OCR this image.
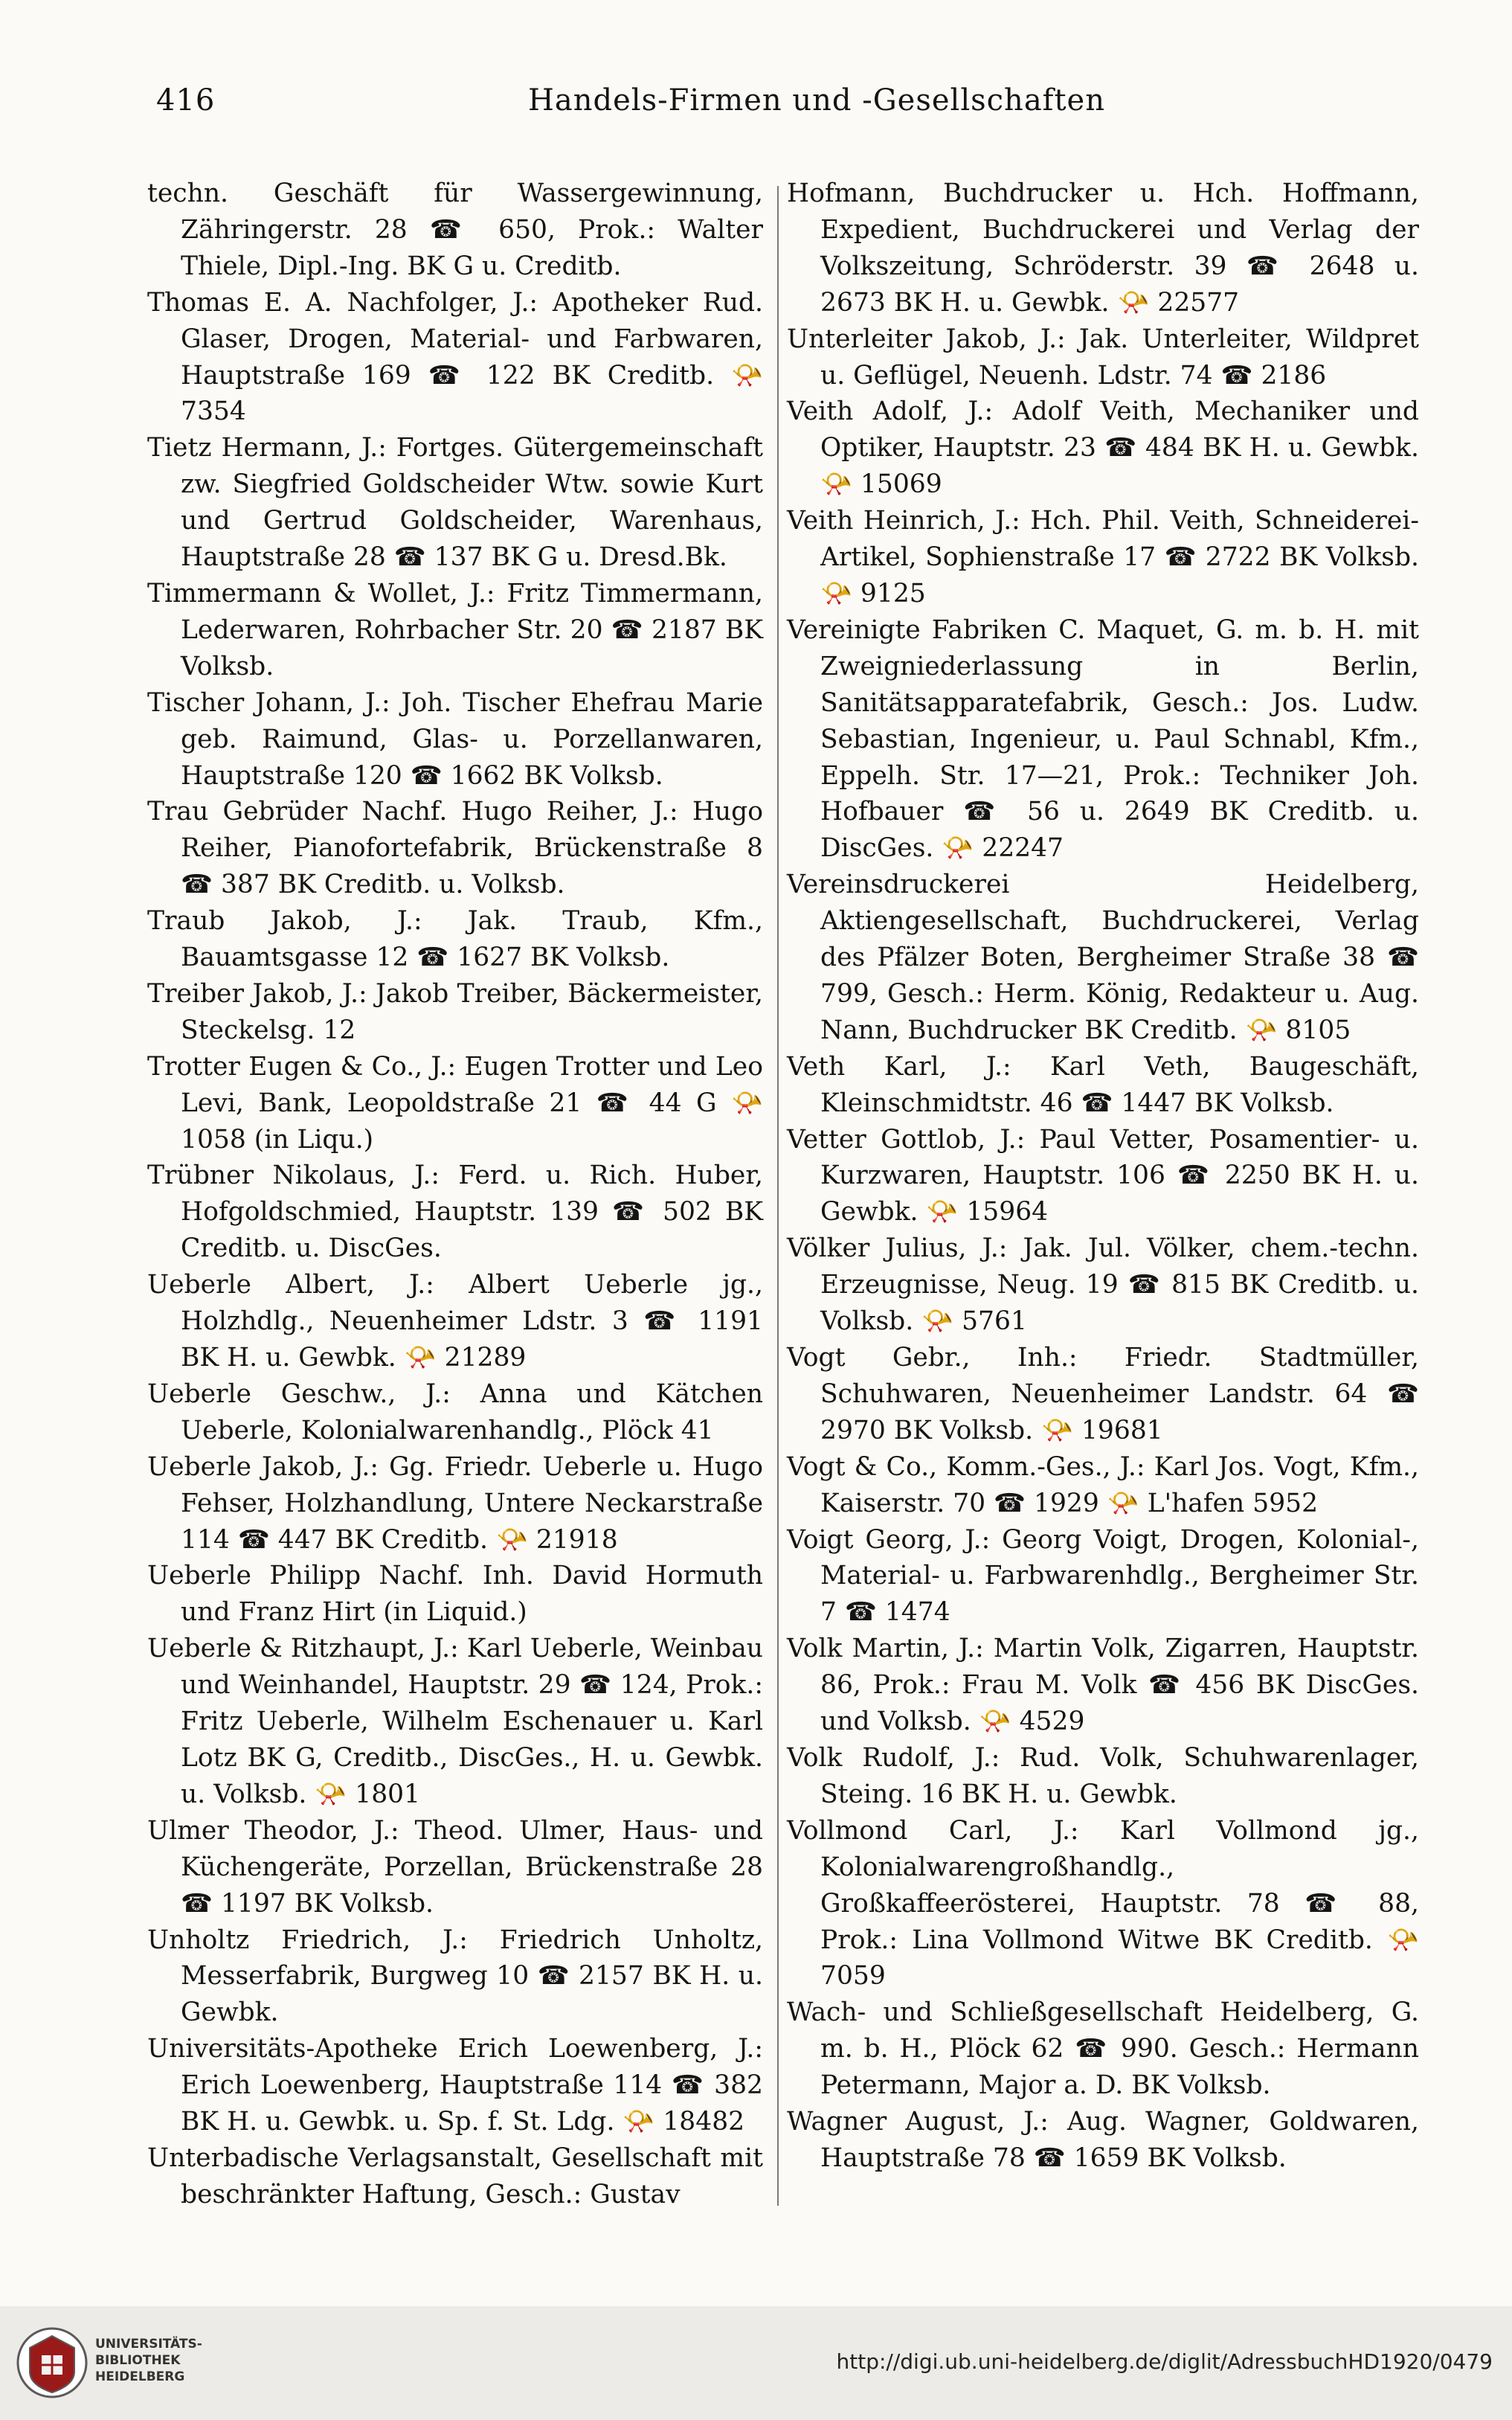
416	Handels-Firmen und -Gesellschaften

techn. Geschäft für Wassergewinnung, Zähringerstr. 28 ☎ 650, Prok.: Walter Thiele, Dipl.-Ing. BK G u. Creditb.

Thomas E. A. Nachfolger, J.: Apotheker Rud. Glaser, Drogen, Material- und Farbwaren, Hauptstraße 169 ☎ 122 BK Creditb. 📯 7354

Tietz Hermann, J.: Fortges. Gütergemeinschaft zw. Siegfried Goldscheider Wtw. sowie Kurt und Gertrud Goldscheider, Warenhaus, Hauptstraße 28 ☎ 137 BK G u. Dresd.Bk.

Timmermann & Wollet, J.: Fritz Timmermann, Lederwaren, Rohrbacher Str. 20 ☎ 2187 BK Volksb.

Tischer Johann, J.: Joh. Tischer Ehefrau Marie geb. Raimund, Glas- u. Porzellanwaren, Hauptstraße 120 ☎ 1662 BK Volksb.

Trau Gebrüder Nachf. Hugo Reiher, J.: Hugo Reiher, Pianofortefabrik, Brückenstraße 8 ☎ 387 BK Creditb. u. Volksb.

Traub Jakob, J.: Jak. Traub, Kfm., Bauamtsgasse 12 ☎ 1627 BK Volksb.

Treiber Jakob, J.: Jakob Treiber, Bäckermeister, Steckelsg. 12

Trotter Eugen & Co., J.: Eugen Trotter und Leo Levi, Bank, Leopoldstraße 21 ☎ 44 G 📯 1058 (in Liqu.)

Trübner Nikolaus, J.: Ferd. u. Rich. Huber, Hofgoldschmied, Hauptstr. 139 ☎ 502 BK Creditb. u. DiscGes.

Ueberle Albert, J.: Albert Ueberle jg., Holzhdlg., Neuenheimer Ldstr. 3 ☎ 1191 BK H. u. Gewbk. 📯 21289

Ueberle Geschw., J.: Anna und Kätchen Ueberle, Kolonialwarenhandlg., Plöck 41

Ueberle Jakob, J.: Gg. Friedr. Ueberle u. Hugo Fehser, Holzhandlung, Untere Neckarstraße 114 ☎ 447 BK Creditb. 📯 21918

Ueberle Philipp Nachf. Inh. David Hormuth und Franz Hirt (in Liquid.)

Ueberle & Ritzhaupt, J.: Karl Ueberle, Weinbau und Weinhandel, Hauptstr. 29 ☎ 124, Prok.: Fritz Ueberle, Wilhelm Eschenauer u. Karl Lotz BK G, Creditb., DiscGes., H. u. Gewbk. u. Volksb. 📯 1801

Ulmer Theodor, J.: Theod. Ulmer, Haus- und Küchengeräte, Porzellan, Brückenstraße 28 ☎ 1197 BK Volksb.

Unholtz Friedrich, J.: Friedrich Unholtz, Messerfabrik, Burgweg 10 ☎ 2157 BK H. u. Gewbk.

Universitäts-Apotheke Erich Loewenberg, J.: Erich Loewenberg, Hauptstraße 114 ☎ 382 BK H. u. Gewbk. u. Sp. f. St. Ldg. 📯 18482

Unterbadische Verlagsanstalt, Gesellschaft mit beschränkter Haftung, Gesch.: Gustav

Hofmann, Buchdrucker u. Hch. Hoffmann, Expedient, Buchdruckerei und Verlag der Volkszeitung, Schröderstr. 39 ☎ 2648 u. 2673 BK H. u. Gewbk. 📯 22577

Unterleiter Jakob, J.: Jak. Unterleiter, Wildpret u. Geflügel, Neuenh. Ldstr. 74 ☎ 2186

Veith Adolf, J.: Adolf Veith, Mechaniker und Optiker, Hauptstr. 23 ☎ 484 BK H. u. Gewbk. 📯 15069

Veith Heinrich, J.: Hch. Phil. Veith, Schneiderei-Artikel, Sophienstraße 17 ☎ 2722 BK Volksb. 📯 9125

Vereinigte Fabriken C. Maquet, G. m. b. H. mit Zweigniederlassung in Berlin, Sanitätsapparatefabrik, Gesch.: Jos. Ludw. Sebastian, Ingenieur, u. Paul Schnabl, Kfm., Eppelh. Str. 17—21, Prok.: Techniker Joh. Hofbauer ☎ 56 u. 2649 BK Creditb. u. DiscGes. 📯 22247

Vereinsdruckerei Heidelberg, Aktiengesellschaft, Buchdruckerei, Verlag des Pfälzer Boten, Bergheimer Straße 38 ☎ 799, Gesch.: Herm. König, Redakteur u. Aug. Nann, Buchdrucker BK Creditb. 📯 8105

Veth Karl, J.: Karl Veth, Baugeschäft, Kleinschmidtstr. 46 ☎ 1447 BK Volksb.

Vetter Gottlob, J.: Paul Vetter, Posamentier- u. Kurzwaren, Hauptstr. 106 ☎ 2250 BK H. u. Gewbk. 📯 15964

Völker Julius, J.: Jak. Jul. Völker, chem.-techn. Erzeugnisse, Neug. 19 ☎ 815 BK Creditb. u. Volksb. 📯 5761

Vogt Gebr., Inh.: Friedr. Stadtmüller, Schuhwaren, Neuenheimer Landstr. 64 ☎ 2970 BK Volksb. 📯 19681

Vogt & Co., Komm.-Ges., J.: Karl Jos. Vogt, Kfm., Kaiserstr. 70 ☎ 1929 📯 L'hafen 5952

Voigt Georg, J.: Georg Voigt, Drogen, Kolonial-, Material- u. Farbwarenhdlg., Bergheimer Str. 7 ☎ 1474

Volk Martin, J.: Martin Volk, Zigarren, Hauptstr. 86, Prok.: Frau M. Volk ☎ 456 BK DiscGes. und Volksb. 📯 4529

Volk Rudolf, J.: Rud. Volk, Schuhwarenlager, Steing. 16 BK H. u. Gewbk.

Vollmond Carl, J.: Karl Vollmond jg., Kolonialwarengroßhandlg., Großkaffeerösterei, Hauptstr. 78 ☎ 88, Prok.: Lina Vollmond Witwe BK Creditb. 📯 7059

Wach- und Schließgesellschaft Heidelberg, G. m. b. H., Plöck 62 ☎ 990. Gesch.: Hermann Petermann, Major a. D. BK Volksb.

Wagner August, J.: Aug. Wagner, Goldwaren, Hauptstraße 78 ☎ 1659 BK Volksb.

UNIVERSITÄTS-
BIBLIOTHEK
HEIDELBERG
http://digi.ub.uni-heidelberg.de/diglit/AdressbuchHD1920/0479
